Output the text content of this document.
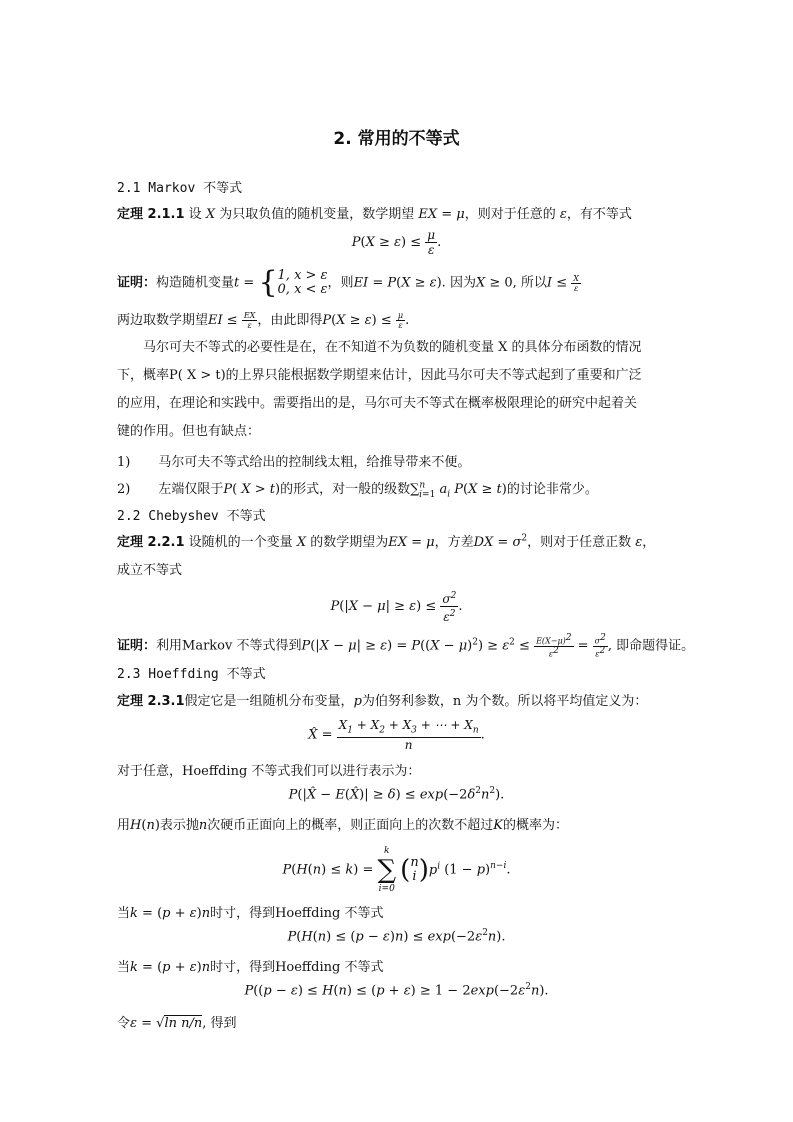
2. 常用的不等式
2.1 Markov 不等式
定理 2.1.1 设 X 为只取负值的随机变量，数学期望 EX = μ，则对于任意的 ε，有不等式
$P(X \ge \varepsilon) \le \frac{\mu}{\varepsilon}$ .
证明：构造随机变量t = {1, x > ε
0, x < ε，则EI = P(X ≥ ε). 因为X ≥ 0, 所以$I \le \frac{X}{\varepsilon}$
两边取数学期望EI ≤ $\frac{EX}{\varepsilon}$ ，由此即得$P(X \ge \varepsilon) \le \frac{\mu}{\varepsilon}$ .
马尔可夫不等式的必要性是在，在不知道不为负数的随机变量 X 的具体分布函数的情况
下，概率P( X > t)的上界只能根据数学期望来估计，因此马尔可夫不等式起到了重要和广泛
的应用，在理论和实践中。需要指出的是，马尔可夫不等式在概率极限理论的研究中起着关
键的作用。但也有缺点：
1) 马尔可夫不等式给出的控制线太粗，给推导带来不便。
2) 左端仅限于P( X > t)的形式，对一般的级数∑$^n_{i=1}$ $a_i$ P(X ≥ t)的讨论非常少。
2.2 Chebyshev 不等式
定理 2.2.1 设随机的一个变量 X 的数学期望为EX = μ，方差DX = $\sigma^2$，则对于任意正数 ε，
成立不等式
$P(|X - \mu| \ge \varepsilon) \le \frac{\sigma^2}{\varepsilon^2}$ .
证明：利用Markov 不等式得到$P(|X - \mu| \ge \varepsilon) = P((X - \mu)^2) \ge \varepsilon^2 \le \frac{E(X-\mu)^2}{\varepsilon^2} = \frac{\sigma^2}{\varepsilon^2}$ , 即命题得证。
2.3 Hoeffding 不等式
定理 2.3.1假定它是一组随机分布变量，p为伯努利参数，n 为个数。所以将平均值定义为：
X̂ = $\frac{X_1 + X_2 + X_3 + \cdots + X_n}{n}$ .
对于任意，Hoeffding 不等式我们可以进行表示为：
P(|X̂ − E(X̂)| ≥ $\delta) \le \exp(-2\delta^2n^2)$.
用H(n)表示抛n次硬币正面向上的概率，则正面向上的次数不超过K的概率为：
P(H(n) ≤ k) =
k
∑
i=0
(n
$i)p^i$ $(1 - p)^{n-i}$.
当k = (p + ε)n时寸，得到Hoeffding 不等式
$P(H(n) \le (p - \varepsilon)n) \le \exp(-2\varepsilon^2n)$.
当k = (p + ε)n时寸，得到Hoeffding 不等式
$P((p - \varepsilon) \le H(n) \le (p + \varepsilon) \ge 1 - 2\exp(-2\varepsilon^2n)$.
令ε = √ln n/n, 得到
